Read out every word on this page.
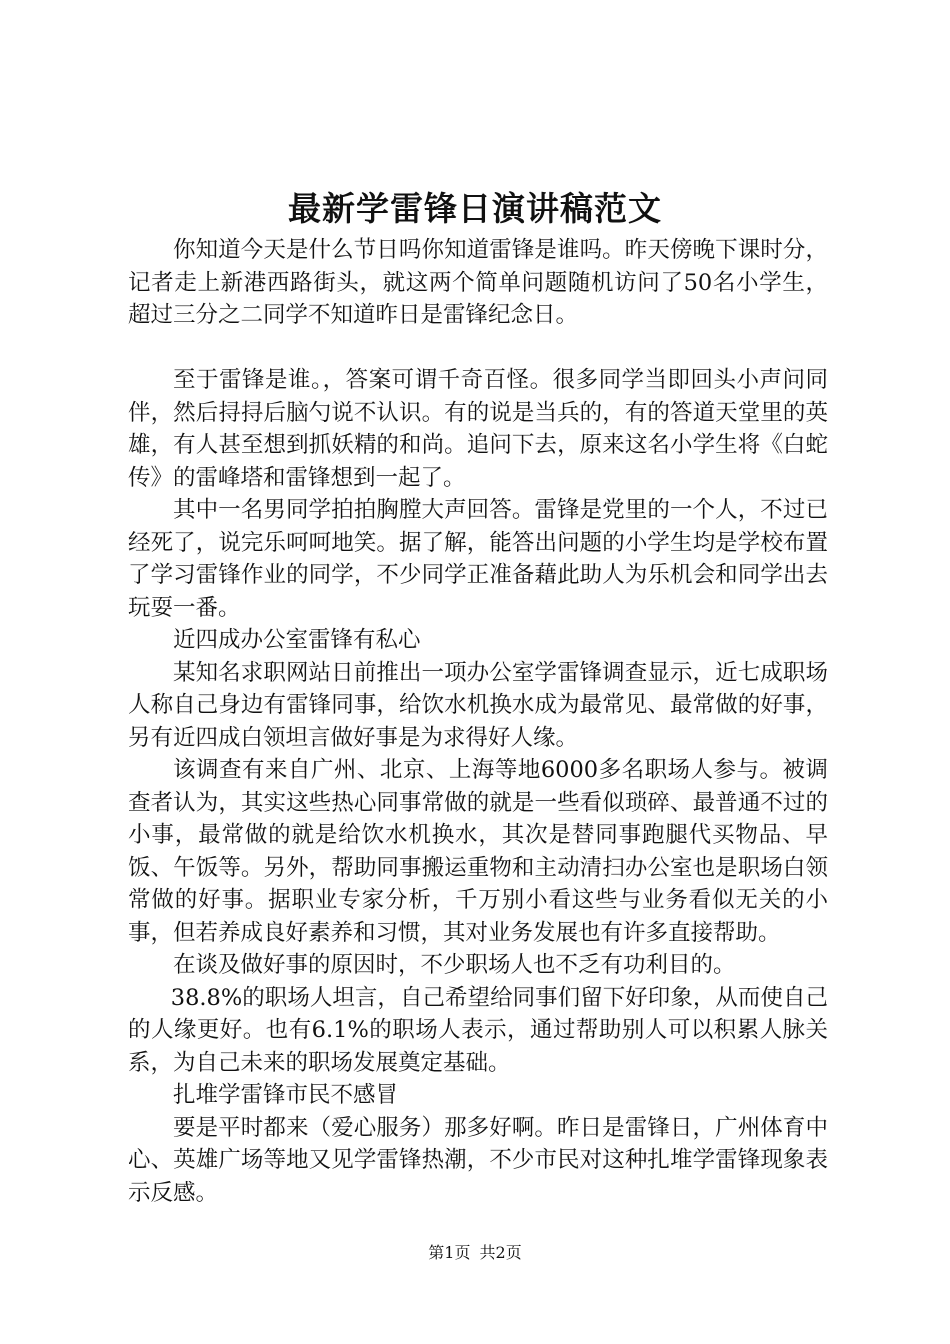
最新学雷锋日演讲稿范文

你知道今天是什么节日吗你知道雷锋是谁吗。昨天傍晚下课时分，记者走上新港西路街头，就这两个简单问题随机访问了50名小学生，超过三分之二同学不知道昨日是雷锋纪念日。

至于雷锋是谁。，答案可谓千奇百怪。很多同学当即回头小声问同伴，然后挦挦后脑勺说不认识。有的说是当兵的，有的答道天堂里的英雄，有人甚至想到抓妖精的和尚。追问下去，原来这名小学生将《白蛇传》的雷峰塔和雷锋想到一起了。

其中一名男同学拍拍胸膛大声回答。雷锋是党里的一个人，不过已经死了，说完乐呵呵地笑。据了解，能答出问题的小学生均是学校布置了学习雷锋作业的同学，不少同学正准备藉此助人为乐机会和同学出去玩耍一番。

近四成办公室雷锋有私心

某知名求职网站日前推出一项办公室学雷锋调查显示，近七成职场人称自己身边有雷锋同事，给饮水机换水成为最常见、最常做的好事，另有近四成白领坦言做好事是为求得好人缘。

该调查有来自广州、北京、上海等地6000多名职场人参与。被调查者认为，其实这些热心同事常做的就是一些看似琐碎、最普通不过的小事，最常做的就是给饮水机换水，其次是替同事跑腿代买物品、早饭、午饭等。另外，帮助同事搬运重物和主动清扫办公室也是职场白领常做的好事。据职业专家分析，千万别小看这些与业务看似无关的小事，但若养成良好素养和习惯，其对业务发展也有许多直接帮助。

在谈及做好事的原因时，不少职场人也不乏有功利目的。

38.8%的职场人坦言，自己希望给同事们留下好印象，从而使自己的人缘更好。也有6.1%的职场人表示，通过帮助别人可以积累人脉关系，为自己未来的职场发展奠定基础。

扎堆学雷锋市民不感冒

要是平时都来（爱心服务）那多好啊。昨日是雷锋日，广州体育中心、英雄广场等地又见学雷锋热潮，不少市民对这种扎堆学雷锋现象表示反感。

第1页 共2页
